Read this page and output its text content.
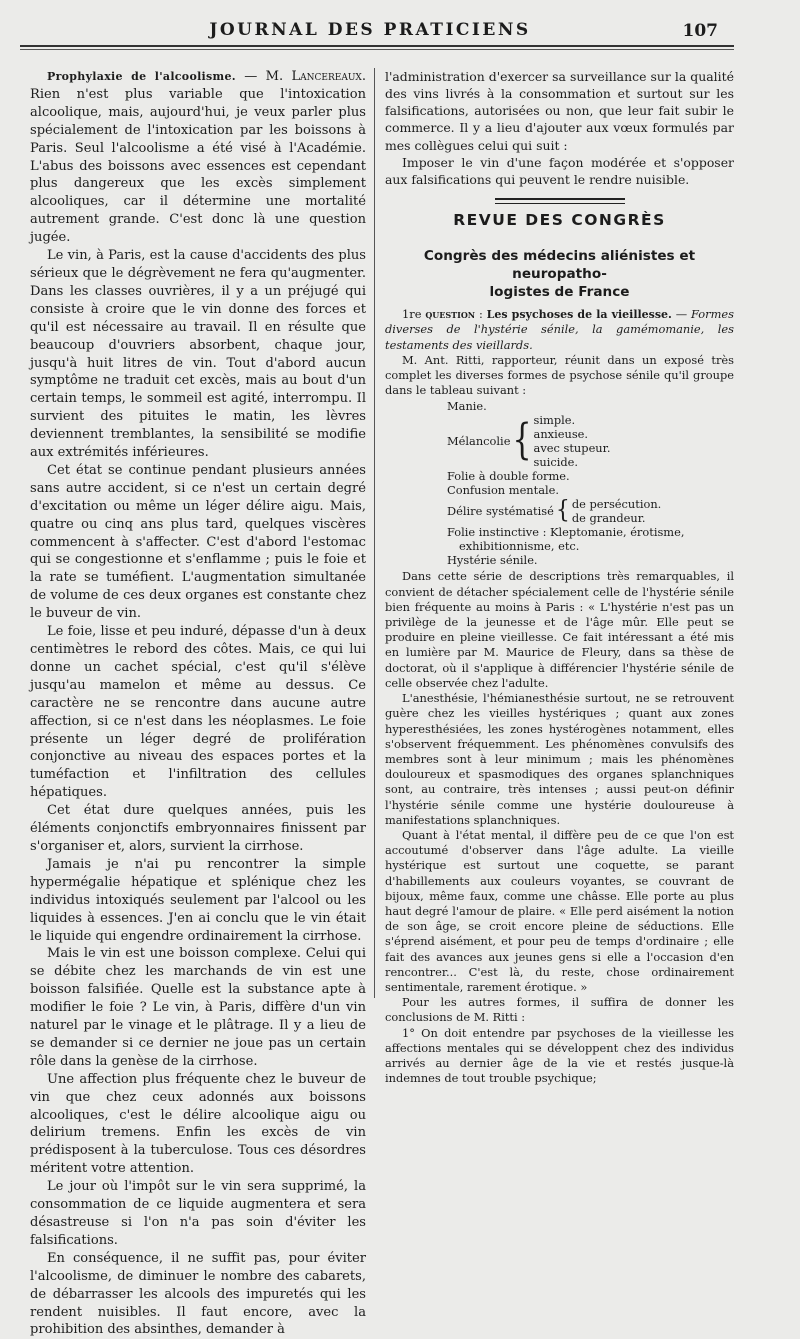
JOURNAL DES PRATICIENS	107

Prophylaxie de l'alcoolisme. — M. Lancereaux. Rien n'est plus variable que l'intoxication alcoolique, mais, aujourd'hui, je veux parler plus spécialement de l'intoxication par les boissons à Paris. Seul l'alcoolisme a été visé à l'Académie. L'abus des boissons avec essences est cependant plus dangereux que les excès simplement alcooliques, car il détermine une mortalité autrement grande. C'est donc là une question jugée.

Le vin, à Paris, est la cause d'accidents des plus sérieux que le dégrèvement ne fera qu'augmenter. Dans les classes ouvrières, il y a un préjugé qui consiste à croire que le vin donne des forces et qu'il est nécessaire au travail. Il en résulte que beaucoup d'ouvriers absorbent, chaque jour, jusqu'à huit litres de vin. Tout d'abord aucun symptôme ne traduit cet excès, mais au bout d'un certain temps, le sommeil est agité, interrompu. Il survient des pituites le matin, les lèvres deviennent tremblantes, la sensibilité se modifie aux extrémités inférieures.

Cet état se continue pendant plusieurs années sans autre accident, si ce n'est un certain degré d'excitation ou même un léger délire aigu. Mais, quatre ou cinq ans plus tard, quelques viscères commencent à s'affecter. C'est d'abord l'estomac qui se congestionne et s'enflamme ; puis le foie et la rate se tuméfient. L'augmentation simultanée de volume de ces deux organes est constante chez le buveur de vin.

Le foie, lisse et peu induré, dépasse d'un à deux centimètres le rebord des côtes. Mais, ce qui lui donne un cachet spécial, c'est qu'il s'élève jusqu'au mamelon et même au dessus. Ce caractère ne se rencontre dans aucune autre affection, si ce n'est dans les néoplasmes. Le foie présente un léger degré de prolifération conjonctive au niveau des espaces portes et la tuméfaction et l'infiltration des cellules hépatiques.

Cet état dure quelques années, puis les éléments conjonctifs embryonnaires finissent par s'organiser et, alors, survient la cirrhose.

Jamais je n'ai pu rencontrer la simple hypermégalie hépatique et splénique chez les individus intoxiqués seulement par l'alcool ou les liquides à essences. J'en ai conclu que le vin était le liquide qui engendre ordinairement la cirrhose.

Mais le vin est une boisson complexe. Celui qui se débite chez les marchands de vin est une boisson falsifiée. Quelle est la substance apte à modifier le foie ? Le vin, à Paris, diffère d'un vin naturel par le vinage et le plâtrage. Il y a lieu de se demander si ce dernier ne joue pas un certain rôle dans la genèse de la cirrhose.

Une affection plus fréquente chez le buveur de vin que chez ceux adonnés aux boissons alcooliques, c'est le délire alcoolique aigu ou delirium tremens. Enfin les excès de vin prédisposent à la tuberculose. Tous ces désordres méritent votre attention.

Le jour où l'impôt sur le vin sera supprimé, la consommation de ce liquide augmentera et sera désastreuse si l'on n'a pas soin d'éviter les falsifications.

En conséquence, il ne suffit pas, pour éviter l'alcoolisme, de diminuer le nombre des cabarets, de débarrasser les alcools des impuretés qui les rendent nuisibles. Il faut encore, avec la prohibition des absinthes, demander à

l'administration d'exercer sa surveillance sur la qualité des vins livrés à la consommation et surtout sur les falsifications, autorisées ou non, que leur fait subir le commerce. Il y a lieu d'ajouter aux vœux formulés par mes collègues celui qui suit :

Imposer le vin d'une façon modérée et s'opposer aux falsifications qui peuvent le rendre nuisible.

REVUE DES CONGRÈS
Congrès des médecins aliénistes et neuropatho-
logistes de France

1re question : Les psychoses de la vieillesse. — Formes diverses de l'hystérie sénile, la gamémomanie, les testaments des vieillards.

M. Ant. Ritti, rapporteur, réunit dans un exposé très complet les diverses formes de psychose sénile qu'il groupe dans le tableau suivant :

Manie.
Mélancolie { simple.
anxieuse.
avec stupeur.
suicide.
Folie à double forme.
Confusion mentale.
Délire systématisé { de persécution.
de grandeur.
Folie instinctive : Kleptomanie, érotisme,
exhibitionnisme, etc.
Hystérie sénile.

Dans cette série de descriptions très remarquables, il convient de détacher spécialement celle de l'hystérie sénile bien fréquente au moins à Paris : « L'hystérie n'est pas un privilège de la jeunesse et de l'âge mûr. Elle peut se produire en pleine vieillesse. Ce fait intéressant a été mis en lumière par M. Maurice de Fleury, dans sa thèse de doctorat, où il s'applique à différencier l'hystérie sénile de celle observée chez l'adulte.

L'anesthésie, l'hémianesthésie surtout, ne se retrouvent guère chez les vieilles hystériques ; quant aux zones hyperesthésiées, les zones hystérogènes notamment, elles s'observent fréquemment. Les phénomènes convulsifs des membres sont à leur minimum ; mais les phénomènes douloureux et spasmodiques des organes splanchniques sont, au contraire, très intenses ; aussi peut-on définir l'hystérie sénile comme une hystérie douloureuse à manifestations splanchniques.

Quant à l'état mental, il diffère peu de ce que l'on est accoutumé d'observer dans l'âge adulte. La vieille hystérique est surtout une coquette, se parant d'habillements aux couleurs voyantes, se couvrant de bijoux, même faux, comme une châsse. Elle porte au plus haut degré l'amour de plaire. « Elle perd aisément la notion de son âge, se croit encore pleine de séductions. Elle s'éprend aisément, et pour peu de temps d'ordinaire ; elle fait des avances aux jeunes gens si elle a l'occasion d'en rencontrer... C'est là, du reste, chose ordinairement sentimentale, rarement érotique. »

Pour les autres formes, il suffira de donner les conclusions de M. Ritti :

1° On doit entendre par psychoses de la vieillesse les affections mentales qui se développent chez des individus arrivés au dernier âge de la vie et restés jusque-là indemnes de tout trouble psychique;
